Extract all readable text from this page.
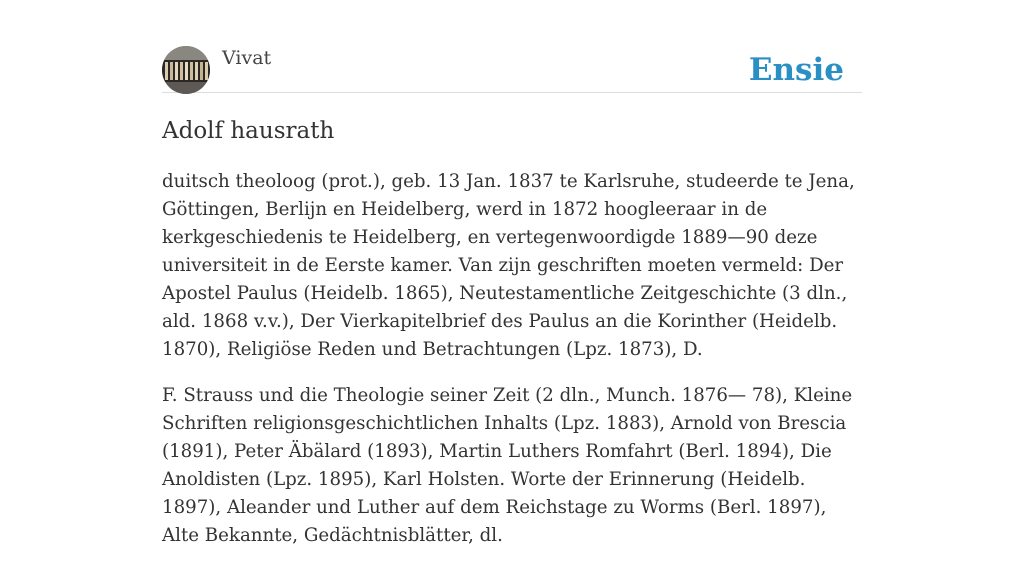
Vivat	Ensie
Adolf hausrath

duitsch theoloog (prot.), geb. 13 Jan. 1837 te Karlsruhe, studeerde te Jena, Göttingen, Berlijn en Heidelberg, werd in 1872 hoogleeraar in de kerkgeschiedenis te Heidelberg, en vertegenwoordigde 1889—90 deze universiteit in de Eerste kamer. Van zijn geschriften moeten vermeld: Der Apostel Paulus (Heidelb. 1865), Neutestamentliche Zeitgeschichte (3 dln., ald. 1868 v.v.), Der Vierkapitelbrief des Paulus an die Korinther (Heidelb. 1870), Religiöse Reden und Betrachtungen (Lpz. 1873), D.

F. Strauss und die Theologie seiner Zeit (2 dln., Munch. 1876— 78), Kleine Schriften religionsgeschichtlichen Inhalts (Lpz. 1883), Arnold von Brescia (1891), Peter Äbälard (1893), Martin Luthers Romfahrt (Berl. 1894), Die Anoldisten (Lpz. 1895), Karl Holsten. Worte der Erinnerung (Heidelb. 1897), Aleander und Luther auf dem Reichstage zu Worms (Berl. 1897), Alte Bekannte, Gedächtnisblätter, dl.
